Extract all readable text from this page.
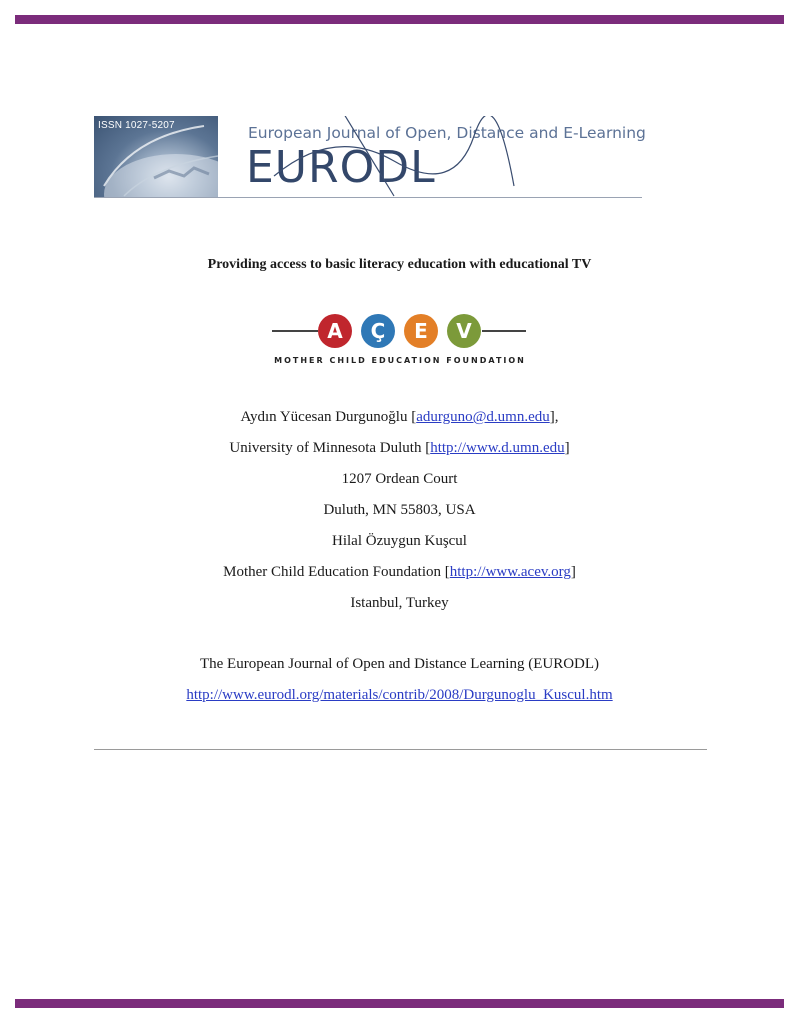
ISSN 1027-5207	European Journal of Open, Distance and E-Learning
EURODL
Providing access to basic literacy education with educational TV
A	Ç	E	V
MOTHER CHILD EDUCATION FOUNDATION
Aydın Yücesan Durgunoğlu [adurguno@d.umn.edu],
University of Minnesota Duluth [http://www.d.umn.edu]
1207 Ordean Court
Duluth, MN 55803, USA
Hilal Özuygun Kuşcul
Mother Child Education Foundation [http://www.acev.org]
Istanbul, Turkey
The European Journal of Open and Distance Learning (EURODL)
http://www.eurodl.org/materials/contrib/2008/Durgunoglu_Kuscul.htm
